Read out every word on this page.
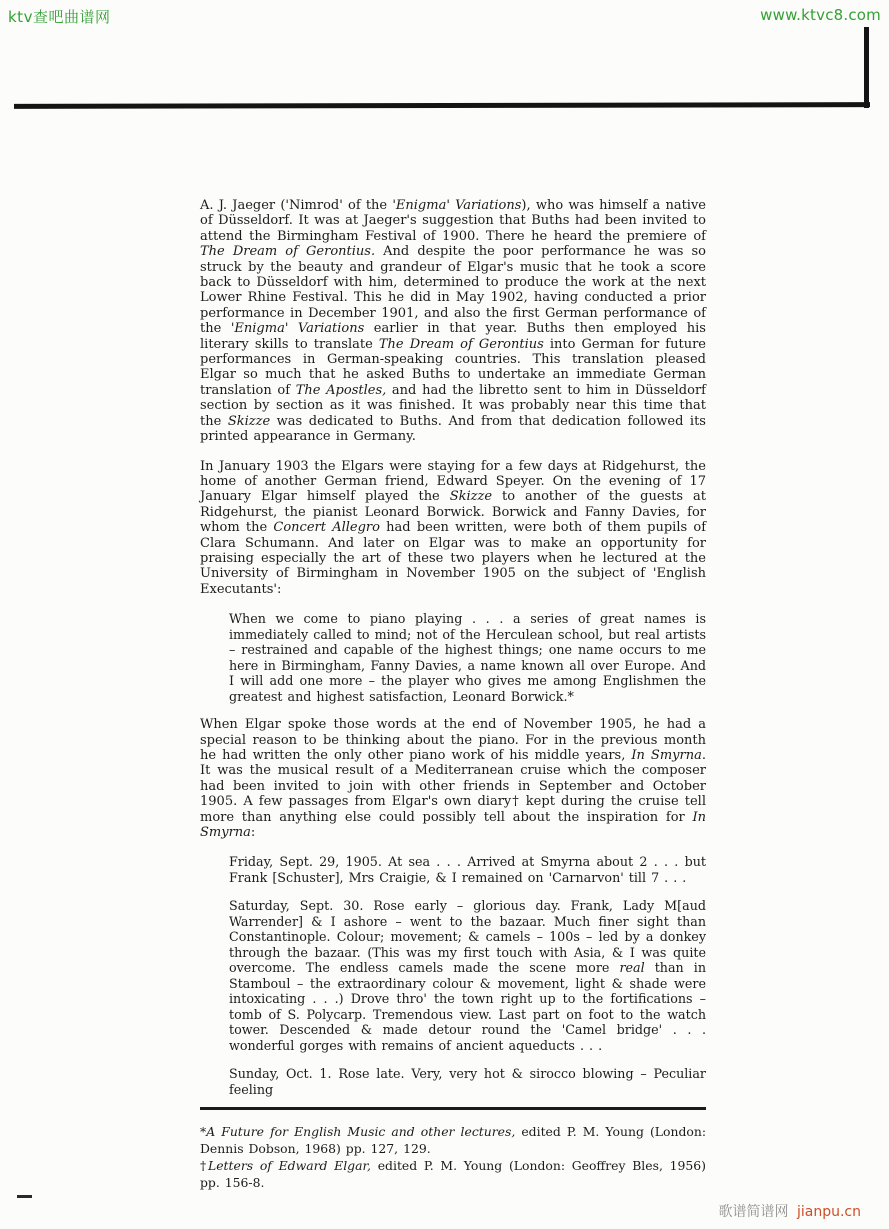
ktv查吧曲谱网	www.ktvc8.com

A. J. Jaeger ('Nimrod' of the 'Enigma' Variations), who was himself a native of Düsseldorf. It was at Jaeger's suggestion that Buths had been invited to attend the Birmingham Festival of 1900. There he heard the premiere of The Dream of Gerontius. And despite the poor performance he was so struck by the beauty and grandeur of Elgar's music that he took a score back to Düsseldorf with him, determined to produce the work at the next Lower Rhine Festival. This he did in May 1902, having conducted a prior performance in December 1901, and also the first German performance of the 'Enigma' Variations earlier in that year. Buths then employed his literary skills to translate The Dream of Gerontius into German for future performances in German-speaking countries. This translation pleased Elgar so much that he asked Buths to undertake an immediate German translation of The Apostles, and had the libretto sent to him in Düsseldorf section by section as it was finished. It was probably near this time that the Skizze was dedicated to Buths. And from that dedication followed its printed appearance in Germany.

In January 1903 the Elgars were staying for a few days at Ridgehurst, the home of another German friend, Edward Speyer. On the evening of 17 January Elgar himself played the Skizze to another of the guests at Ridgehurst, the pianist Leonard Borwick. Borwick and Fanny Davies, for whom the Concert Allegro had been written, were both of them pupils of Clara Schumann. And later on Elgar was to make an opportunity for praising especially the art of these two players when he lectured at the University of Birmingham in November 1905 on the subject of 'English Executants':

When we come to piano playing . . . a series of great names is immediately called to mind; not of the Herculean school, but real artists – restrained and capable of the highest things; one name occurs to me here in Birmingham, Fanny Davies, a name known all over Europe. And I will add one more – the player who gives me among Englishmen the greatest and highest satisfaction, Leonard Borwick.*

When Elgar spoke those words at the end of November 1905, he had a special reason to be thinking about the piano. For in the previous month he had written the only other piano work of his middle years, In Smyrna. It was the musical result of a Mediterranean cruise which the composer had been invited to join with other friends in September and October 1905. A few passages from Elgar's own diary† kept during the cruise tell more than anything else could possibly tell about the inspiration for In Smyrna:

Friday, Sept. 29, 1905. At sea . . . Arrived at Smyrna about 2 . . . but Frank [Schuster], Mrs Craigie, & I remained on 'Carnarvon' till 7 . . .

Saturday, Sept. 30. Rose early – glorious day. Frank, Lady M[aud Warrender] & I ashore – went to the bazaar. Much finer sight than Constantinople. Colour; movement; & camels – 100s – led by a donkey through the bazaar. (This was my first touch with Asia, & I was quite overcome. The endless camels made the scene more real than in Stamboul – the extraordinary colour & movement, light & shade were intoxicating . . .) Drove thro' the town right up to the fortifications – tomb of S. Polycarp. Tremendous view. Last part on foot to the watch tower. Descended & made detour round the 'Camel bridge' . . . wonderful gorges with remains of ancient aqueducts . . .

Sunday, Oct. 1. Rose late. Very, very hot & sirocco blowing – Peculiar feeling

*A Future for English Music and other lectures, edited P. M. Young (London: Dennis Dobson, 1968) pp. 127, 129.

†Letters of Edward Elgar, edited P. M. Young (London: Geoffrey Bles, 1956) pp. 156-8.

歌谱简谱网 jianpu.cn
